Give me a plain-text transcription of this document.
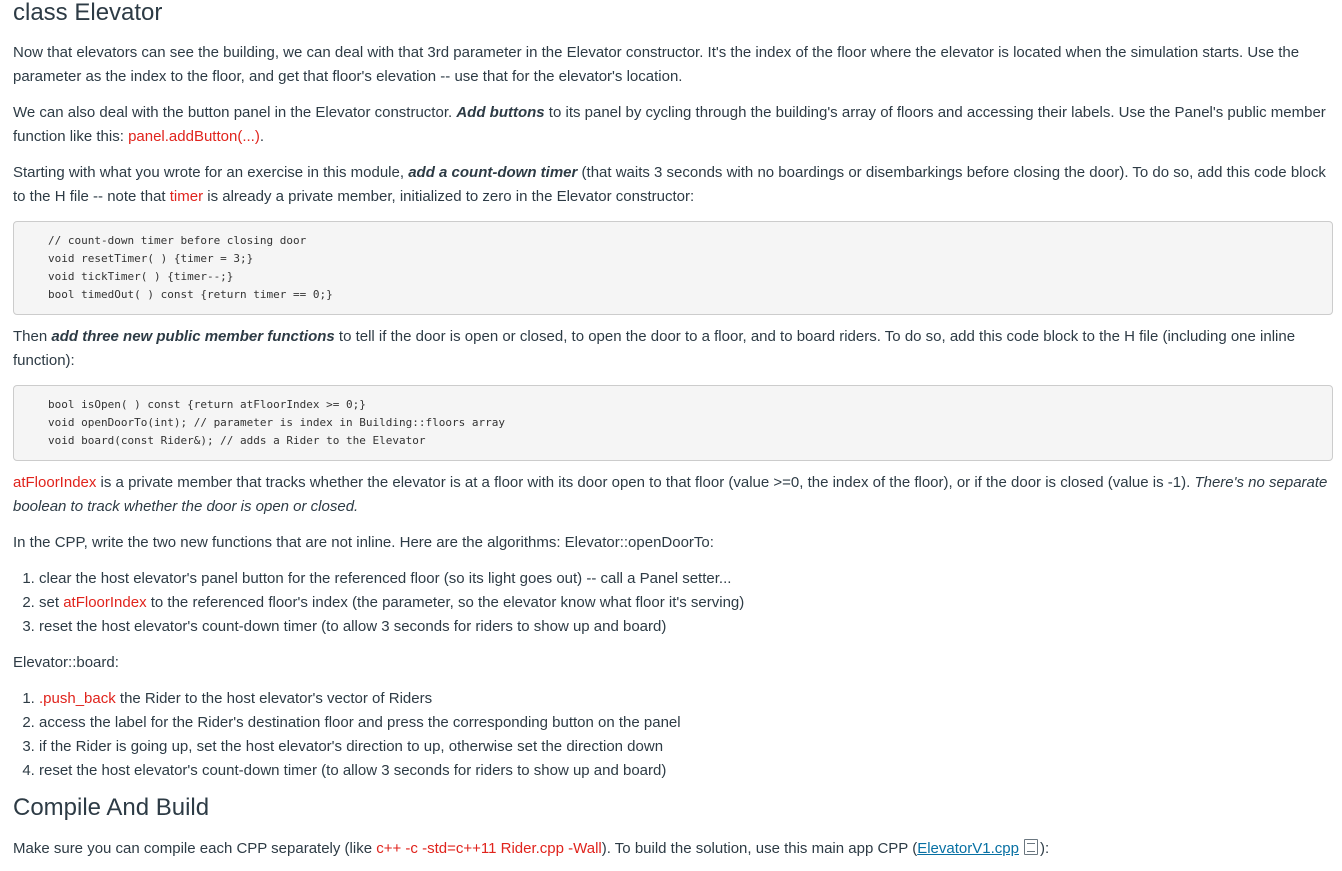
class Elevator

Now that elevators can see the building, we can deal with that 3rd parameter in the Elevator constructor. It's the index of the floor where the elevator is located when the simulation starts. Use the parameter as the index to the floor, and get that floor's elevation -- use that for the elevator's location.

We can also deal with the button panel in the Elevator constructor. Add buttons to its panel by cycling through the building's array of floors and accessing their labels. Use the Panel's public member function like this: panel.addButton(...).

Starting with what you wrote for an exercise in this module, add a count-down timer (that waits 3 seconds with no boardings or disembarkings before closing the door). To do so, add this code block to the H file -- note that timer is already a private member, initialized to zero in the Elevator constructor:

// count-down timer before closing door
void resetTimer( ) {timer = 3;}
void tickTimer( ) {timer--;}
bool timedOut( ) const {return timer == 0;}

Then add three new public member functions to tell if the door is open or closed, to open the door to a floor, and to board riders. To do so, add this code block to the H file (including one inline function):

bool isOpen( ) const {return atFloorIndex >= 0;}
void openDoorTo(int); // parameter is index in Building::floors array
void board(const Rider&); // adds a Rider to the Elevator

atFloorIndex is a private member that tracks whether the elevator is at a floor with its door open to that floor (value >=0, the index of the floor), or if the door is closed (value is -1). There's no separate boolean to track whether the door is open or closed.

In the CPP, write the two new functions that are not inline. Here are the algorithms: Elevator::openDoorTo:

1. clear the host elevator's panel button for the referenced floor (so its light goes out) -- call a Panel setter...
2. set atFloorIndex to the referenced floor's index (the parameter, so the elevator know what floor it's serving)
3. reset the host elevator's count-down timer (to allow 3 seconds for riders to show up and board)

Elevator::board:

1. .push_back the Rider to the host elevator's vector of Riders
2. access the label for the Rider's destination floor and press the corresponding button on the panel
3. if the Rider is going up, set the host elevator's direction to up, otherwise set the direction down
4. reset the host elevator's count-down timer (to allow 3 seconds for riders to show up and board)
Compile And Build

Make sure you can compile each CPP separately (like c++ -c -std=c++11 Rider.cpp -Wall). To build the solution, use this main app CPP (ElevatorV1.cpp ):
